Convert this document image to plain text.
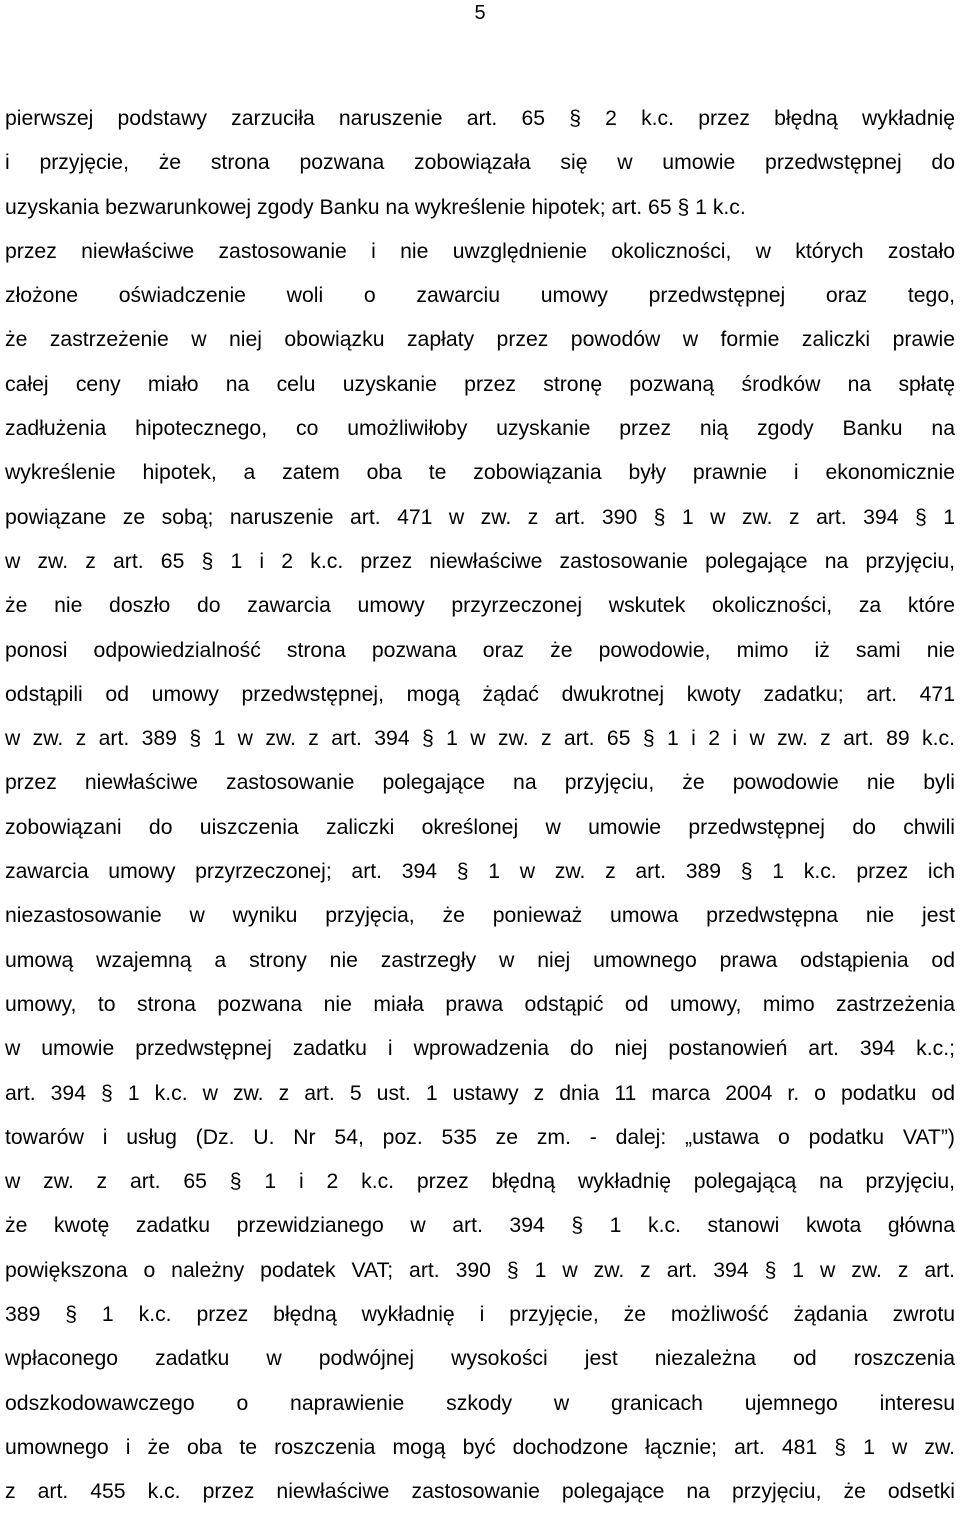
5
pierwszej podstawy zarzuciła naruszenie art. 65 § 2 k.c. przez błędną wykładnię
i przyjęcie, że strona pozwana zobowiązała się w umowie przedwstępnej do
uzyskania bezwarunkowej zgody Banku na wykreślenie hipotek; art. 65 § 1 k.c.
przez niewłaściwe zastosowanie i nie uwzględnienie okoliczności, w których zostało
złożone oświadczenie woli o zawarciu umowy przedwstępnej oraz tego,
że zastrzeżenie w niej obowiązku zapłaty przez powodów w formie zaliczki prawie
całej ceny miało na celu uzyskanie przez stronę pozwaną środków na spłatę
zadłużenia hipotecznego, co umożliwiłoby uzyskanie przez nią zgody Banku na
wykreślenie hipotek, a zatem oba te zobowiązania były prawnie i ekonomicznie
powiązane ze sobą; naruszenie art. 471 w zw. z art. 390 § 1 w zw. z art. 394 § 1
w zw. z art. 65 § 1 i 2 k.c. przez niewłaściwe zastosowanie polegające na przyjęciu,
że nie doszło do zawarcia umowy przyrzeczonej wskutek okoliczności, za które
ponosi odpowiedzialność strona pozwana oraz że powodowie, mimo iż sami nie
odstąpili od umowy przedwstępnej, mogą żądać dwukrotnej kwoty zadatku; art. 471
w zw. z art. 389 § 1 w zw. z art. 394 § 1 w zw. z art. 65 § 1 i 2 i w zw. z art. 89 k.c.
przez niewłaściwe zastosowanie polegające na przyjęciu, że powodowie nie byli
zobowiązani do uiszczenia zaliczki określonej w umowie przedwstępnej do chwili
zawarcia umowy przyrzeczonej; art. 394 § 1 w zw. z art. 389 § 1 k.c. przez ich
niezastosowanie w wyniku przyjęcia, że ponieważ umowa przedwstępna nie jest
umową wzajemną a strony nie zastrzegły w niej umownego prawa odstąpienia od
umowy, to strona pozwana nie miała prawa odstąpić od umowy, mimo zastrzeżenia
w umowie przedwstępnej zadatku i wprowadzenia do niej postanowień art. 394 k.c.;
art. 394 § 1 k.c. w zw. z art. 5 ust. 1 ustawy z dnia 11 marca 2004 r. o podatku od
towarów i usług (Dz. U. Nr 54, poz. 535 ze zm. - dalej: „ustawa o podatku VAT”)
w zw. z art. 65 § 1 i 2 k.c. przez błędną wykładnię polegającą na przyjęciu,
że kwotę zadatku przewidzianego w art. 394 § 1 k.c. stanowi kwota główna
powiększona o należny podatek VAT; art. 390 § 1 w zw. z art. 394 § 1 w zw. z art.
389 § 1 k.c. przez błędną wykładnię i przyjęcie, że możliwość żądania zwrotu
wpłaconego zadatku w podwójnej wysokości jest niezależna od roszczenia
odszkodowawczego o naprawienie szkody w granicach ujemnego interesu
umownego i że oba te roszczenia mogą być dochodzone łącznie; art. 481 § 1 w zw.
z art. 455 k.c. przez niewłaściwe zastosowanie polegające na przyjęciu, że odsetki
